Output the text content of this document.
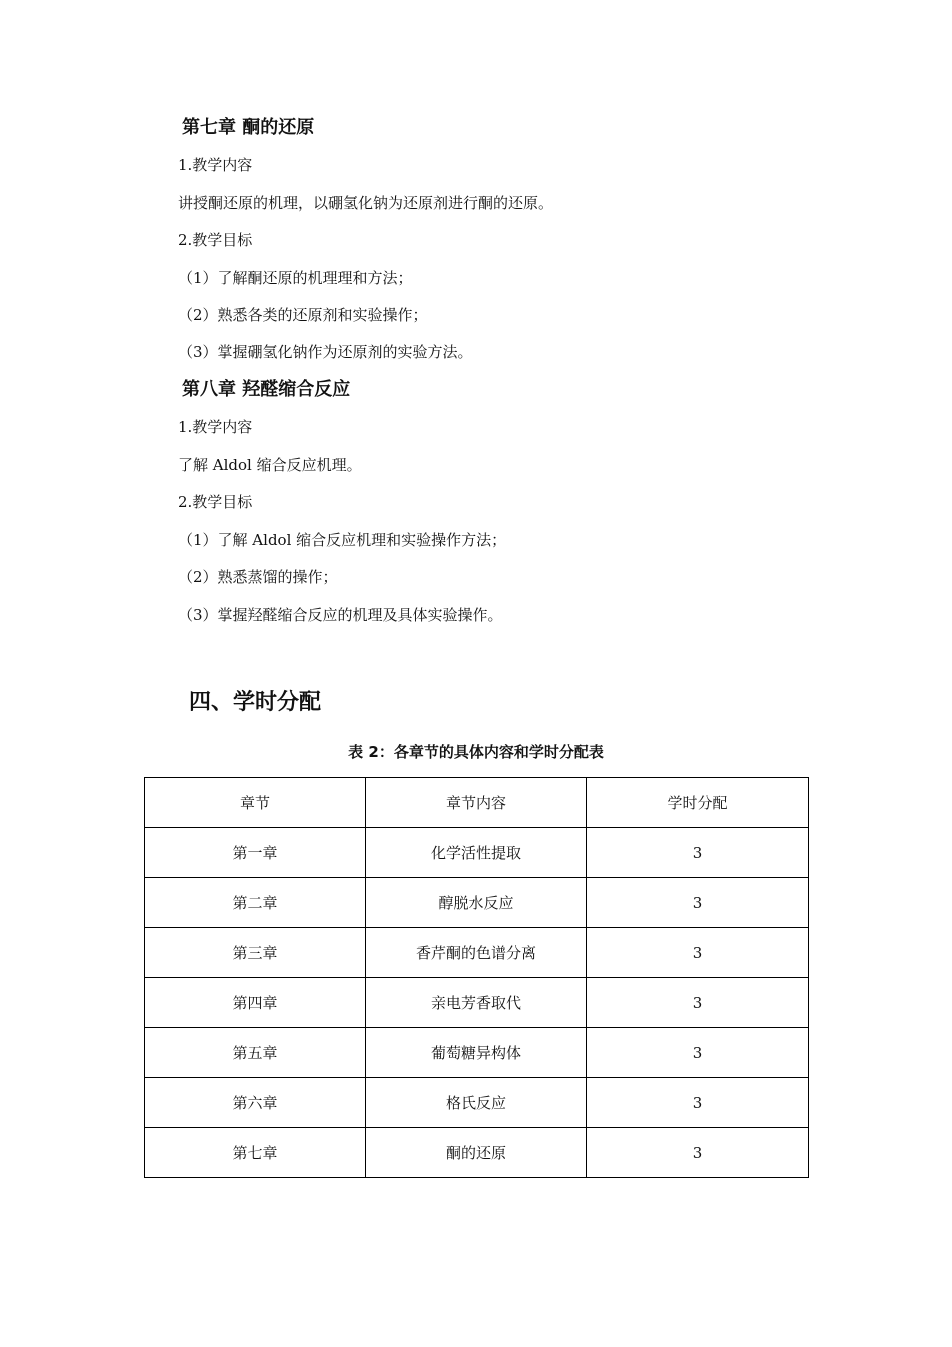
第七章 酮的还原

1.教学内容

讲授酮还原的机理，以硼氢化钠为还原剂进行酮的还原。

2.教学目标

（1）了解酮还原的机理理和方法；

（2）熟悉各类的还原剂和实验操作；

（3）掌握硼氢化钠作为还原剂的实验方法。

第八章 羟醛缩合反应

1.教学内容

了解 Aldol 缩合反应机理。

2.教学目标

（1）了解 Aldol 缩合反应机理和实验操作方法；

（2）熟悉蒸馏的操作；

（3）掌握羟醛缩合反应的机理及具体实验操作。

四、学时分配

表 2：各章节的具体内容和学时分配表

章节	章节内容	学时分配
第一章	化学活性提取	3
第二章	醇脱水反应	3
第三章	香芹酮的色谱分离	3
第四章	亲电芳香取代	3
第五章	葡萄糖异构体	3
第六章	格氏反应	3
第七章	酮的还原	3
